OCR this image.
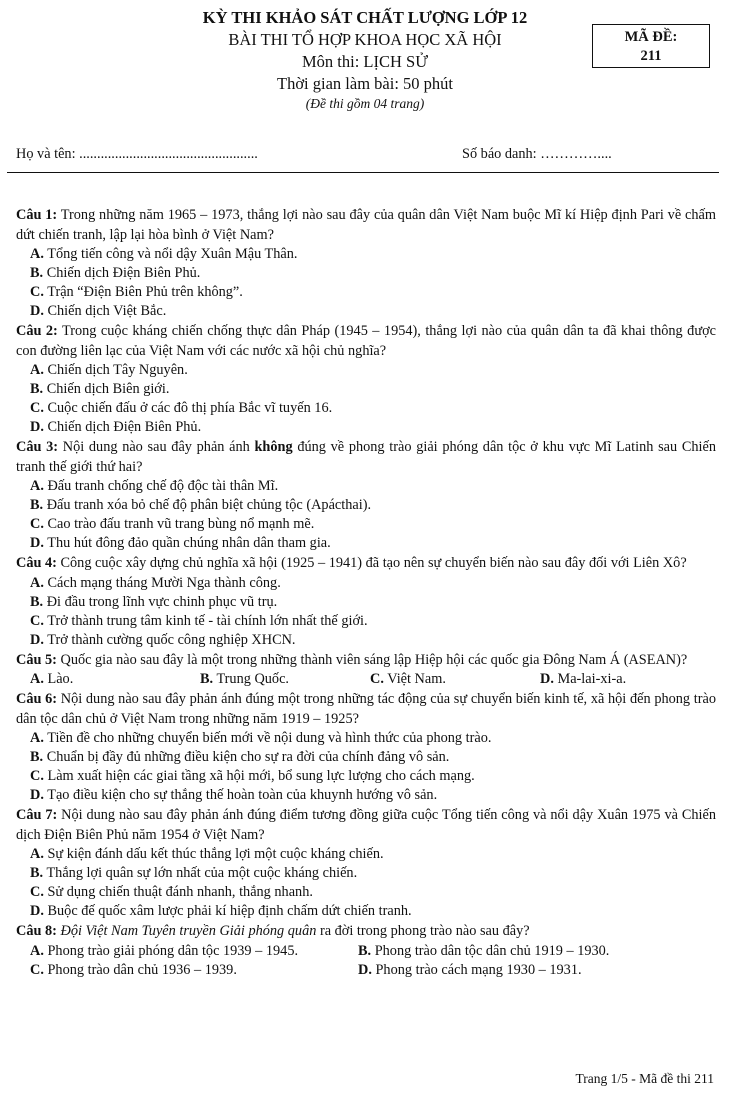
KỲ THI KHẢO SÁT CHẤT LƯỢNG LỚP 12
BÀI THI TỔ HỢP KHOA HỌC XÃ HỘI
Môn thi: LỊCH SỬ
Thời gian làm bài: 50 phút
(Đề thi gồm 04 trang)
MÃ ĐỀ:
211
Họ và tên: ..................................................	Số báo danh: …………....
Câu 1: Trong những năm 1965 – 1973, thắng lợi nào sau đây của quân dân Việt Nam buộc Mĩ kí Hiệp định Pari về chấm dứt chiến tranh, lập lại hòa bình ở Việt Nam?
A. Tổng tiến công và nổi dậy Xuân Mậu Thân.
B. Chiến dịch Điện Biên Phủ.
C. Trận “Điện Biên Phủ trên không”.
D. Chiến dịch Việt Bắc.
Câu 2: Trong cuộc kháng chiến chống thực dân Pháp (1945 – 1954), thắng lợi nào của quân dân ta đã khai thông được con đường liên lạc của Việt Nam với các nước xã hội chủ nghĩa?
A. Chiến dịch Tây Nguyên.
B. Chiến dịch Biên giới.
C. Cuộc chiến đấu ở các đô thị phía Bắc vĩ tuyến 16.
D. Chiến dịch Điện Biên Phủ.
Câu 3: Nội dung nào sau đây phản ánh không đúng về phong trào giải phóng dân tộc ở khu vực Mĩ Latinh sau Chiến tranh thế giới thứ hai?
A. Đấu tranh chống chế độ độc tài thân Mĩ.
B. Đấu tranh xóa bỏ chế độ phân biệt chủng tộc (Apácthai).
C. Cao trào đấu tranh vũ trang bùng nổ mạnh mẽ.
D. Thu hút đông đảo quần chúng nhân dân tham gia.
Câu 4: Công cuộc xây dựng chủ nghĩa xã hội (1925 – 1941) đã tạo nên sự chuyển biến nào sau đây đối với Liên Xô?
A. Cách mạng tháng Mười Nga thành công.
B. Đi đầu trong lĩnh vực chinh phục vũ trụ.
C. Trở thành trung tâm kinh tế - tài chính lớn nhất thế giới.
D. Trở thành cường quốc công nghiệp XHCN.
Câu 5: Quốc gia nào sau đây là một trong những thành viên sáng lập Hiệp hội các quốc gia Đông Nam Á (ASEAN)?
A. Lào.	B. Trung Quốc.	C. Việt Nam.	D. Ma-lai-xi-a.
Câu 6: Nội dung nào sau đây phản ánh đúng một trong những tác động của sự chuyển biến kinh tế, xã hội đến phong trào dân tộc dân chủ ở Việt Nam trong những năm 1919 – 1925?
A. Tiền đề cho những chuyển biến mới về nội dung và hình thức của phong trào.
B. Chuẩn bị đầy đủ những điều kiện cho sự ra đời của chính đảng vô sản.
C. Làm xuất hiện các giai tầng xã hội mới, bổ sung lực lượng cho cách mạng.
D. Tạo điều kiện cho sự thắng thế hoàn toàn của khuynh hướng vô sản.
Câu 7: Nội dung nào sau đây phản ánh đúng điểm tương đồng giữa cuộc Tổng tiến công và nổi dậy Xuân 1975 và Chiến dịch Điện Biên Phủ năm 1954 ở Việt Nam?
A. Sự kiện đánh dấu kết thúc thắng lợi một cuộc kháng chiến.
B. Thắng lợi quân sự lớn nhất của một cuộc kháng chiến.
C. Sử dụng chiến thuật đánh nhanh, thắng nhanh.
D. Buộc đế quốc xâm lược phải kí hiệp định chấm dứt chiến tranh.
Câu 8: Đội Việt Nam Tuyên truyền Giải phóng quân ra đời trong phong trào nào sau đây?
A. Phong trào giải phóng dân tộc 1939 – 1945.	B. Phong trào dân tộc dân chủ 1919 – 1930.
C. Phong trào dân chủ 1936 – 1939.	D. Phong trào cách mạng 1930 – 1931.
Trang 1/5 - Mã đề thi 211
